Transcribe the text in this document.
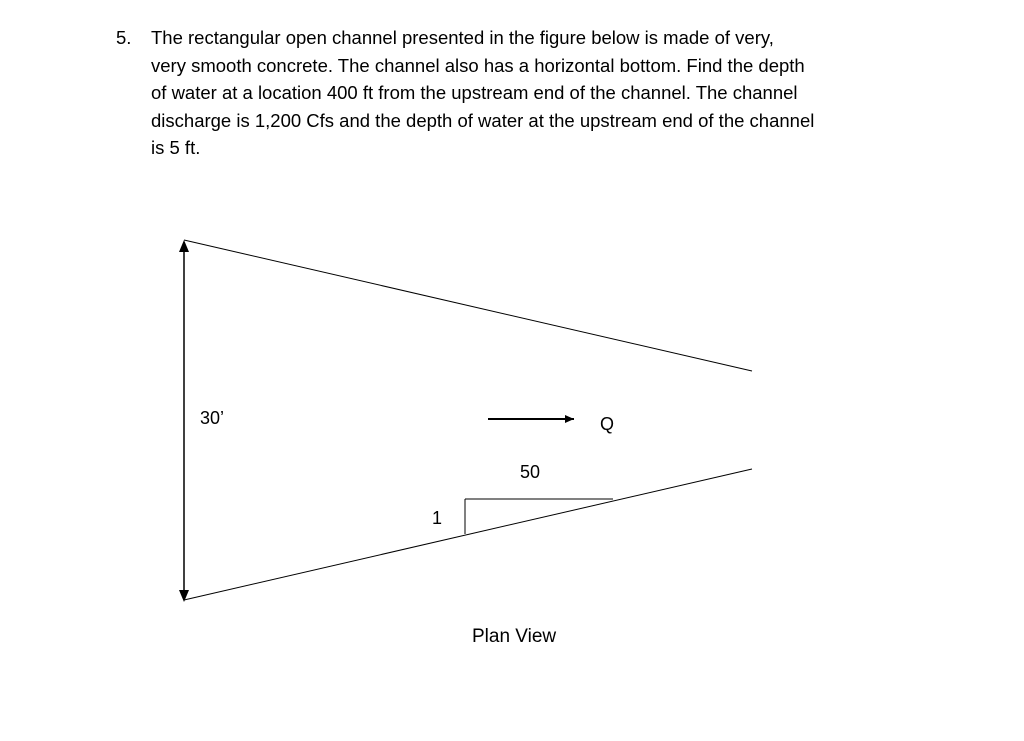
5. The rectangular open channel presented in the figure below is made of very,
very smooth concrete. The channel also has a horizontal bottom. Find the depth
of water at a location 400 ft from the upstream end of the channel. The channel
discharge is 1,200 Cfs and the depth of water at the upstream end of the channel
is 5 ft.
30’	Q
50
1
Plan View
